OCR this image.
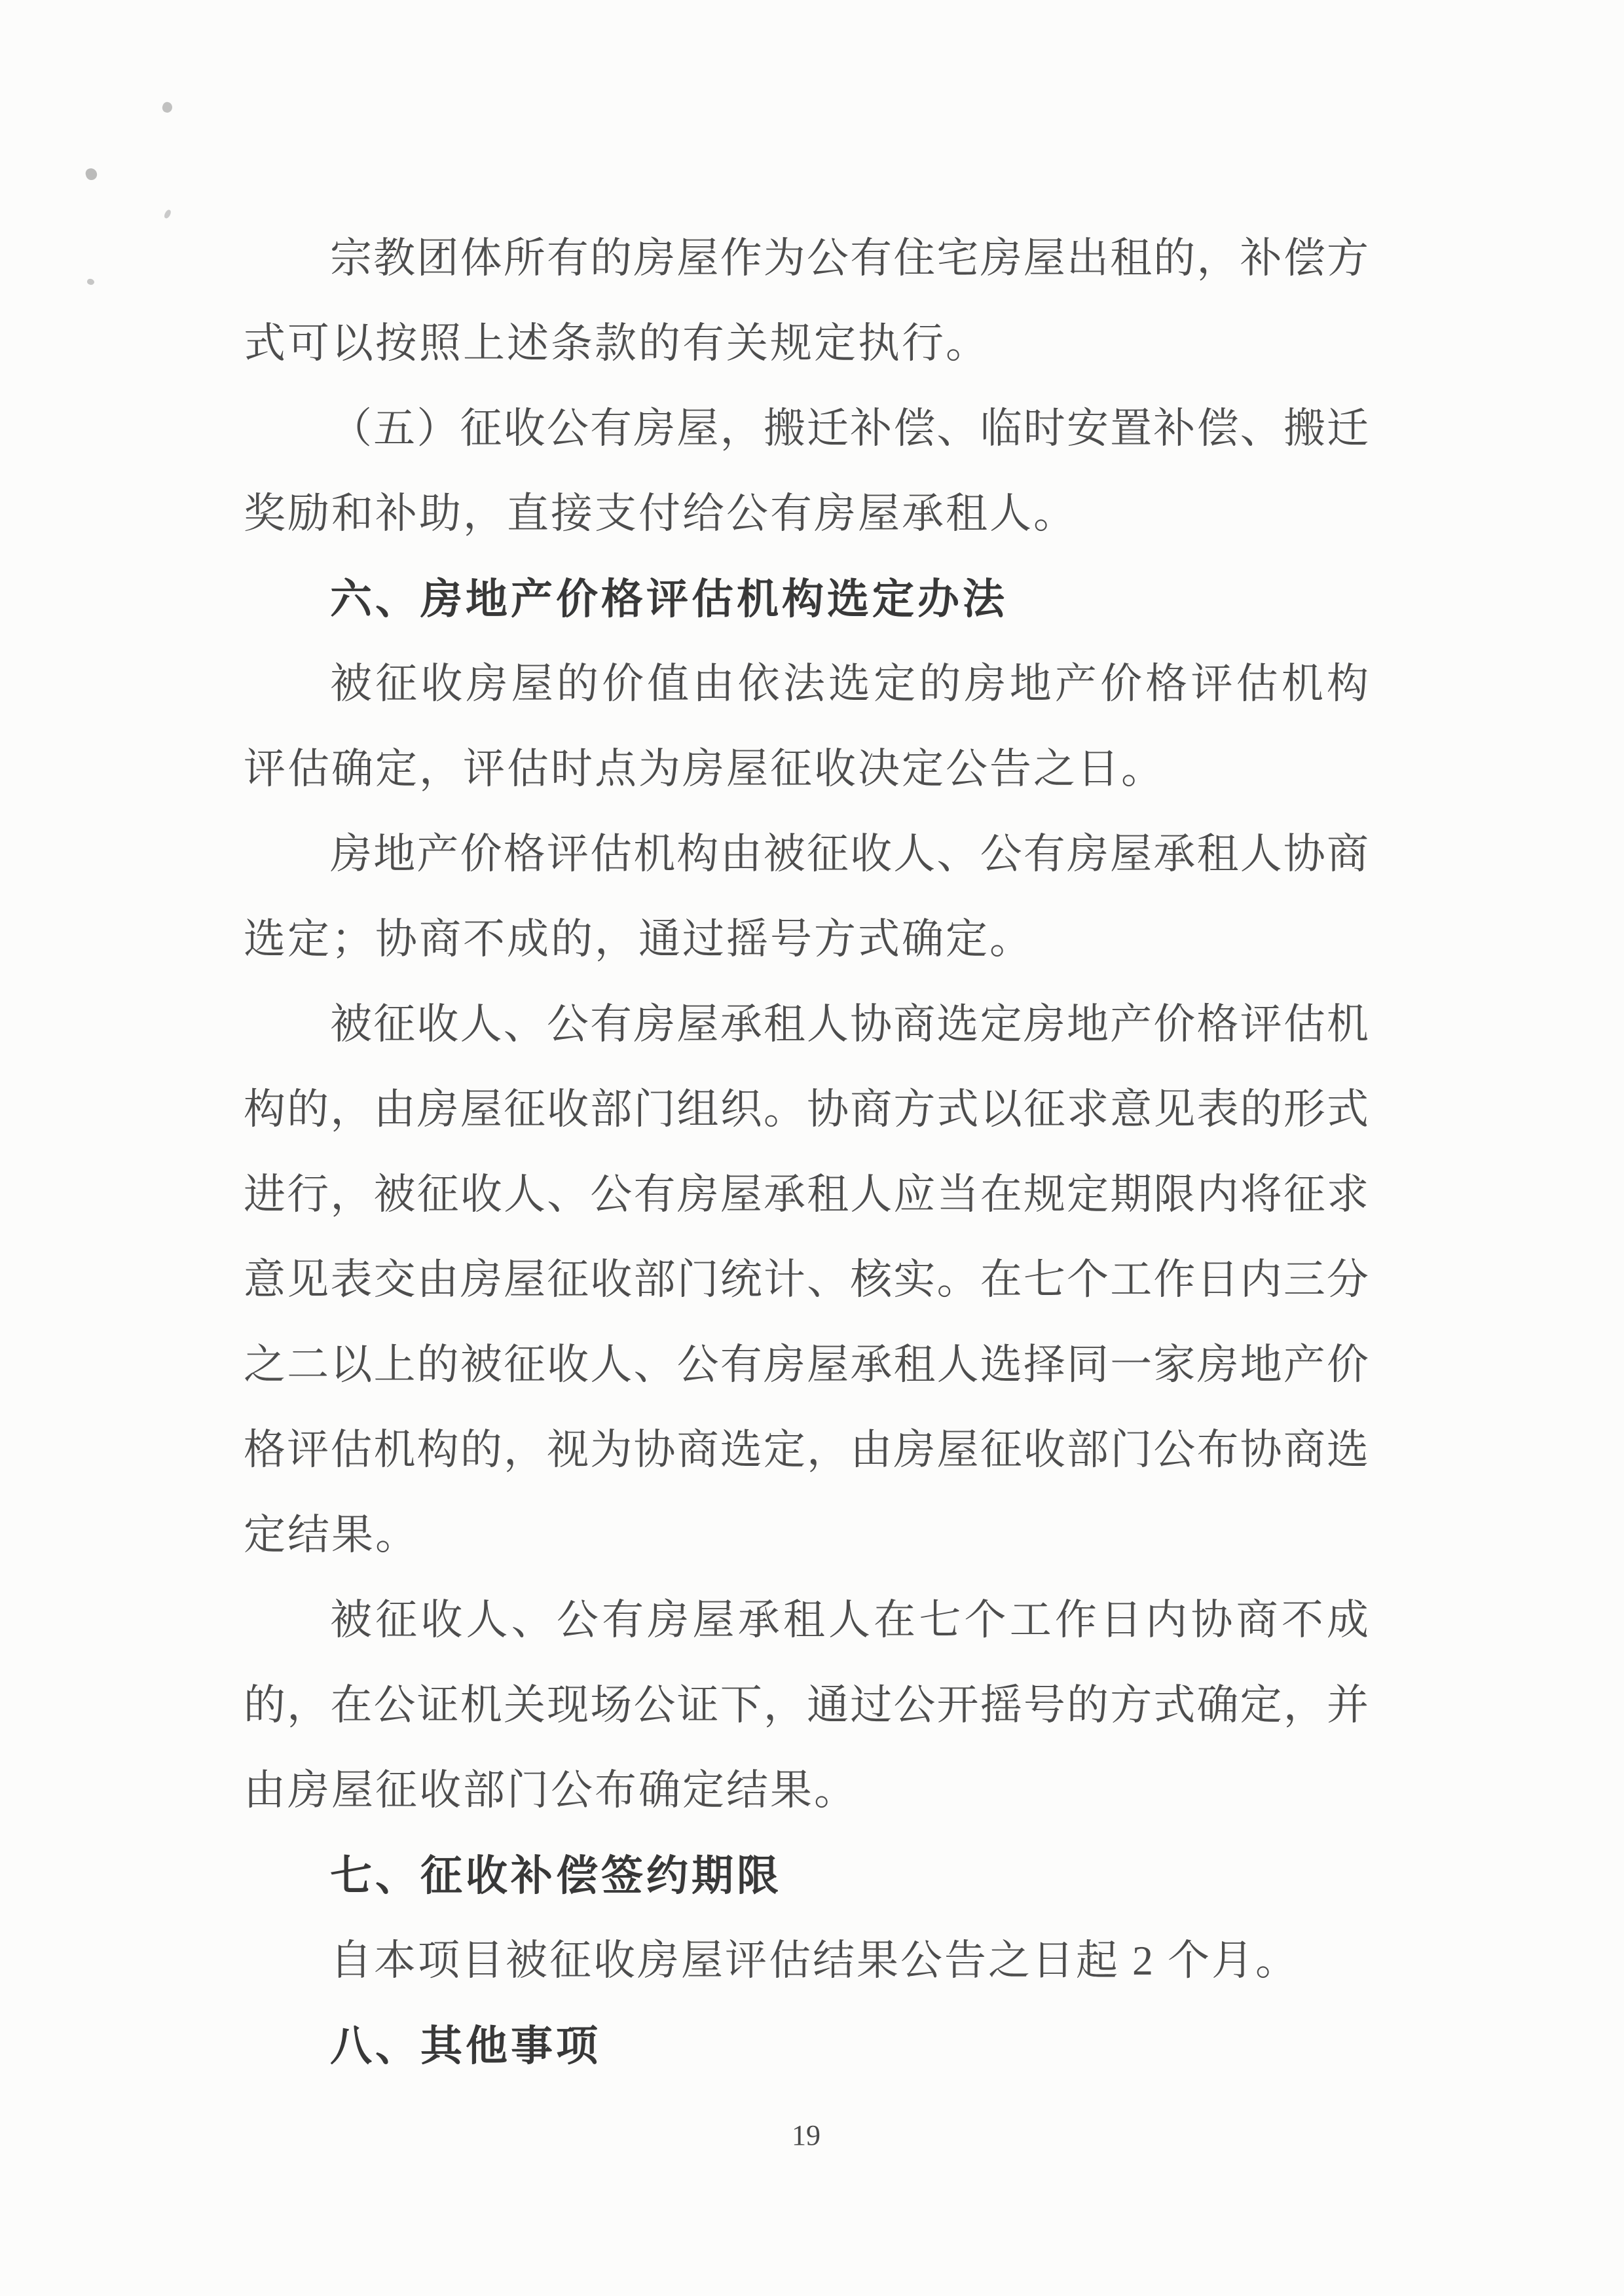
宗教团体所有的房屋作为公有住宅房屋出租的，补偿方
式可以按照上述条款的有关规定执行。
（五）征收公有房屋，搬迁补偿、临时安置补偿、搬迁
奖励和补助，直接支付给公有房屋承租人。
六、房地产价格评估机构选定办法
被征收房屋的价值由依法选定的房地产价格评估机构
评估确定，评估时点为房屋征收决定公告之日。
房地产价格评估机构由被征收人、公有房屋承租人协商
选定；协商不成的，通过摇号方式确定。
被征收人、公有房屋承租人协商选定房地产价格评估机
构的，由房屋征收部门组织。协商方式以征求意见表的形式
进行，被征收人、公有房屋承租人应当在规定期限内将征求
意见表交由房屋征收部门统计、核实。在七个工作日内三分
之二以上的被征收人、公有房屋承租人选择同一家房地产价
格评估机构的，视为协商选定，由房屋征收部门公布协商选
定结果。
被征收人、公有房屋承租人在七个工作日内协商不成
的，在公证机关现场公证下，通过公开摇号的方式确定，并
由房屋征收部门公布确定结果。
七、征收补偿签约期限
自本项目被征收房屋评估结果公告之日起 2 个月。
八、其他事项
19
